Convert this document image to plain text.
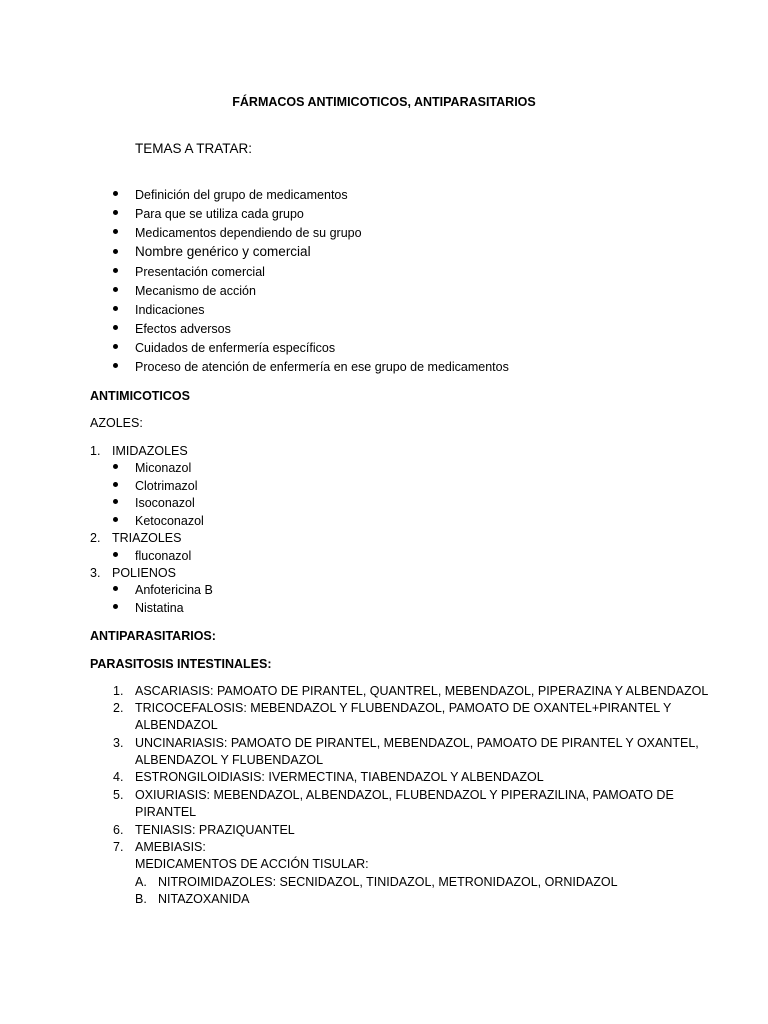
FÁRMACOS ANTIMICOTICOS, ANTIPARASITARIOS
TEMAS A TRATAR:
Definición del grupo de medicamentos
Para que se utiliza cada grupo
Medicamentos dependiendo de su grupo
Nombre genérico y comercial
Presentación comercial
Mecanismo de acción
Indicaciones
Efectos adversos
Cuidados de enfermería específicos
Proceso de atención de enfermería en ese grupo de medicamentos
ANTIMICOTICOS
AZOLES:
1. IMIDAZOLES
Miconazol
Clotrimazol
Isoconazol
Ketoconazol
2. TRIAZOLES
fluconazol
3. POLIENOS
Anfotericina B
Nistatina
ANTIPARASITARIOS:
PARASITOSIS INTESTINALES:
1. ASCARIASIS: PAMOATO DE PIRANTEL, QUANTREL, MEBENDAZOL, PIPERAZINA Y ALBENDAZOL
2. TRICOCEFALOSIS: MEBENDAZOL Y FLUBENDAZOL, PAMOATO DE OXANTEL+PIRANTEL Y
ALBENDAZOL
3. UNCINARIASIS: PAMOATO DE PIRANTEL, MEBENDAZOL, PAMOATO DE PIRANTEL Y OXANTEL,
ALBENDAZOL Y FLUBENDAZOL
4. ESTRONGILOIDIASIS: IVERMECTINA, TIABENDAZOL Y ALBENDAZOL
5. OXIURIASIS: MEBENDAZOL, ALBENDAZOL, FLUBENDAZOL Y PIPERAZILINA, PAMOATO DE
PIRANTEL
6. TENIASIS: PRAZIQUANTEL
7. AMEBIASIS:
MEDICAMENTOS DE ACCIÓN TISULAR:
A. NITROIMIDAZOLES: SECNIDAZOL, TINIDAZOL, METRONIDAZOL, ORNIDAZOL
B. NITAZOXANIDA
